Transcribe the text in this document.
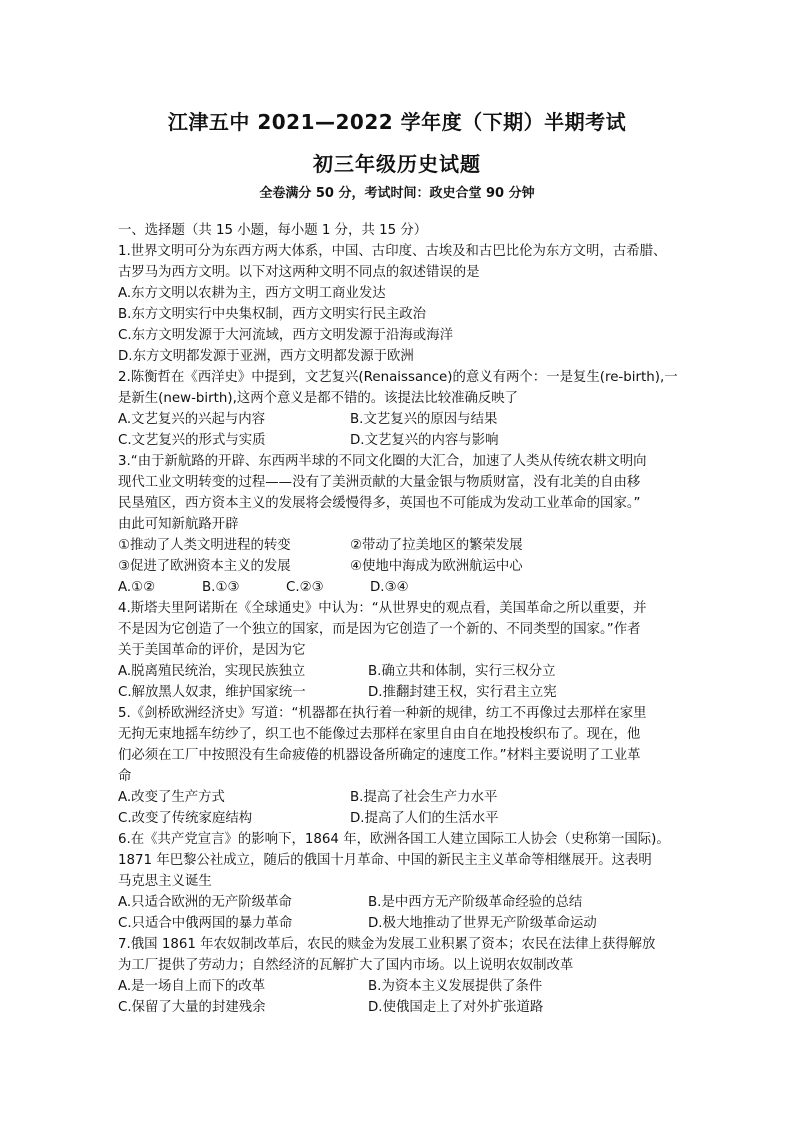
江津五中 2021—2022 学年度（下期）半期考试
初三年级历史试题
全卷满分 50 分，考试时间：政史合堂 90 分钟

一、选择题（共 15 小题，每小题 1 分，共 15 分）

1.世界文明可分为东西方两大体系，中国、古印度、古埃及和古巴比伦为东方文明，古希腊、

古罗马为西方文明。以下对这两种文明不同点的叙述错误的是

A.东方文明以农耕为主，西方文明工商业发达

B.东方文明实行中央集权制，西方文明实行民主政治

C.东方文明发源于大河流域，西方文明发源于沿海或海洋

D.东方文明都发源于亚洲，西方文明都发源于欧洲

2.陈衡哲在《西洋史》中提到，文艺复兴(Renaissance)的意义有两个：一是复生(re-birth),一

是新生(new-birth),这两个意义是都不错的。该提法比较准确反映了

A.文艺复兴的兴起与内容	B.文艺复兴的原因与结果
C.文艺复兴的形式与实质	D.文艺复兴的内容与影响

3.“由于新航路的开辟、东西两半球的不同文化圈的大汇合，加速了人类从传统农耕文明向

现代工业文明转变的过程——没有了美洲贡献的大量金银与物质财富，没有北美的自由移

民垦殖区，西方资本主义的发展将会缓慢得多，英国也不可能成为发动工业革命的国家。”

由此可知新航路开辟

①推动了人类文明进程的转变	②带动了拉美地区的繁荣发展
③促进了欧洲资本主义的发展	④使地中海成为欧洲航运中心
A.①②	B.①③	C.②③	D.③④

4.斯塔夫里阿诺斯在《全球通史》中认为：“从世界史的观点看，美国革命之所以重要，并

不是因为它创造了一个独立的国家，而是因为它创造了一个新的、不同类型的国家。”作者

关于美国革命的评价，是因为它

A.脱离殖民统治，实现民族独立	B.确立共和体制，实行三权分立
C.解放黑人奴隶，维护国家统一	D.推翻封建王权，实行君主立宪

5.《剑桥欧洲经济史》写道：“机器都在执行着一种新的规律，纺工不再像过去那样在家里

无拘无束地摇车纺纱了，织工也不能像过去那样在家里自由自在地投梭织布了。现在，他

们必须在工厂中按照没有生命疲倦的机器设备所确定的速度工作。”材料主要说明了工业革

命

A.改变了生产方式	B.提高了社会生产力水平
C.改变了传统家庭结构	D.提高了人们的生活水平

6.在《共产党宣言》的影响下，1864 年，欧洲各国工人建立国际工人协会（史称第一国际)。

1871 年巴黎公社成立，随后的俄国十月革命、中国的新民主主义革命等相继展开。这表明

马克思主义诞生

A.只适合欧洲的无产阶级革命	B.是中西方无产阶级革命经验的总结
C.只适合中俄两国的暴力革命	D.极大地推动了世界无产阶级革命运动

7.俄国 1861 年农奴制改革后，农民的赎金为发展工业积累了资本；农民在法律上获得解放

为工厂提供了劳动力；自然经济的瓦解扩大了国内市场。以上说明农奴制改革

A.是一场自上而下的改革	B.为资本主义发展提供了条件
C.保留了大量的封建残余	D.使俄国走上了对外扩张道路
